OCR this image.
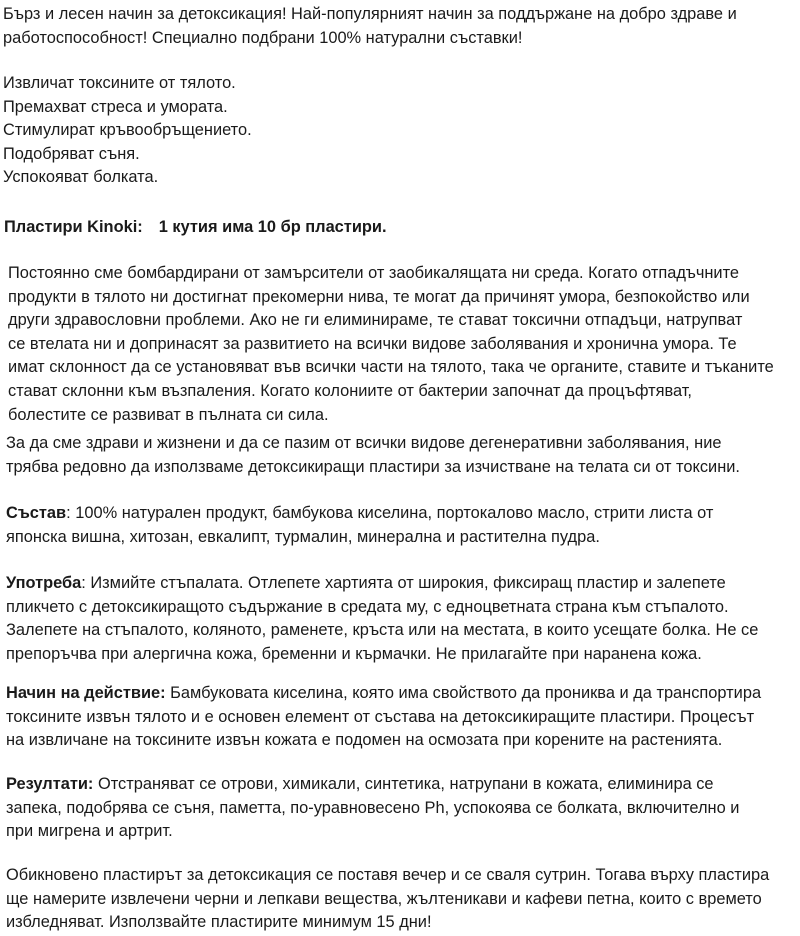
Бърз и лесен начин за детоксикация! Най-популярният начин за поддържане на добро здраве и
работоспособност! Специално подбрани 100% натурални съставки!
Извличат токсините от тялото.
Премахват стреса и умората.
Стимулират кръвообръщението.
Подобряват съня.
Успокояват болката.
Пластири Kinoki: 1 кутия има 10 бр пластири.
Постоянно сме бомбардирани от замърсители от заобикалящата ни среда. Когато отпадъчните
продукти в тялото ни достигнат прекомерни нива, те могат да причинят умора, безпокойство или
други здравословни проблеми. Ако не ги елиминираме, те стават токсични отпадъци, натрупват
се втелата ни и допринасят за развитието на всички видове заболявания и хронична умора. Те
имат склонност да се установяват във всички части на тялото, така че органите, ставите и тъканите
стават склонни към възпаления. Когато колониите от бактерии започнат да процъфтяват,
болестите се развиват в пълната си сила.
За да сме здрави и жизнени и да се пазим от всички видове дегенеративни заболявания, ние
трябва редовно да използваме детоксикиращи пластири за изчистване на телата си от токсини.
Състав: 100% натурален продукт, бамбукова киселина, портокалово масло, стрити листа от
японска вишна, хитозан, евкалипт, турмалин, минерална и растителна пудра.
Употреба: Измийте стъпалата. Отлепете хартията от широкия, фиксиращ пластир и залепете
пликчето с детоксикиращото съдържание в средата му, с едноцветната страна към стъпалото.
Залепете на стъпалото, коляното, раменете, кръста или на местата, в които усещате болка. Не се
препоръчва при алергична кожа, бременни и кърмачки. Не прилагайте при наранена кожа.
Начин на действие: Бамбуковата киселина, която има свойството да прониква и да транспортира
токсините извън тялото и е основен елемент от състава на детоксикиращите пластири. Процесът
на извличане на токсините извън кожата е подомен на осмозата при корените на растенията.
Резултати: Отстраняват се отрови, химикали, синтетика, натрупани в кожата, елиминира се
запека, подобрява се съня, паметта, по-уравновесено Ph, успокоява се болката, включително и
при мигрена и артрит.
Обикновено пластирът за детоксикация се поставя вечер и се сваля сутрин. Тогава върху пластира
ще намерите извлечени черни и лепкави вещества, жълтеникави и кафеви петна, които с времето
избледняват. Използвайте пластирите минимум 15 дни!
